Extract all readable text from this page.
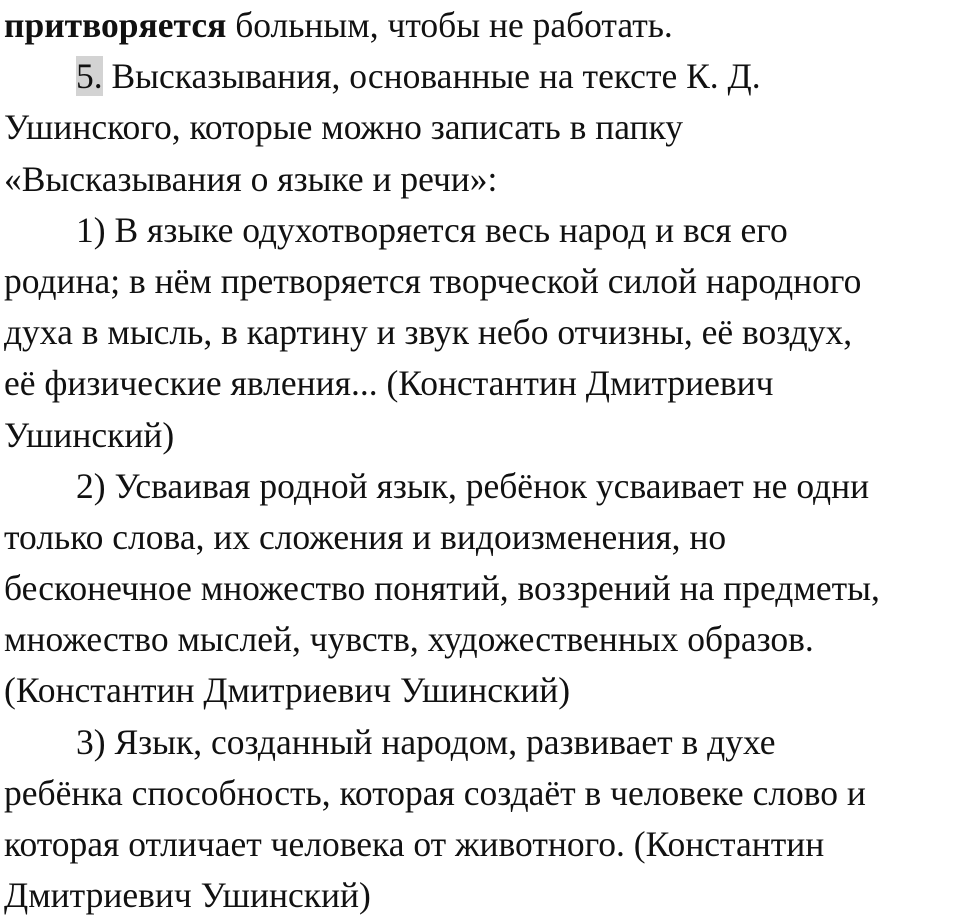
притворяется больным, чтобы не работать.
5. Высказывания, основанные на тексте К. Д.
Ушинского, которые можно записать в папку
«Высказывания о языке и речи»:
1) В языке одухотворяется весь народ и вся его
родина; в нём претворяется творческой силой народного
духа в мысль, в картину и звук небо отчизны, её воздух,
её физические явления... (Константин Дмитриевич
Ушинский)
2) Усваивая родной язык, ребёнок усваивает не одни
только слова, их сложения и видоизменения, но
бесконечное множество понятий, воззрений на предметы,
множество мыслей, чувств, художественных образов.
(Константин Дмитриевич Ушинский)
3) Язык, созданный народом, развивает в духе
ребёнка способность, которая создаёт в человеке слово и
которая отличает человека от животного. (Константин
Дмитриевич Ушинский)
